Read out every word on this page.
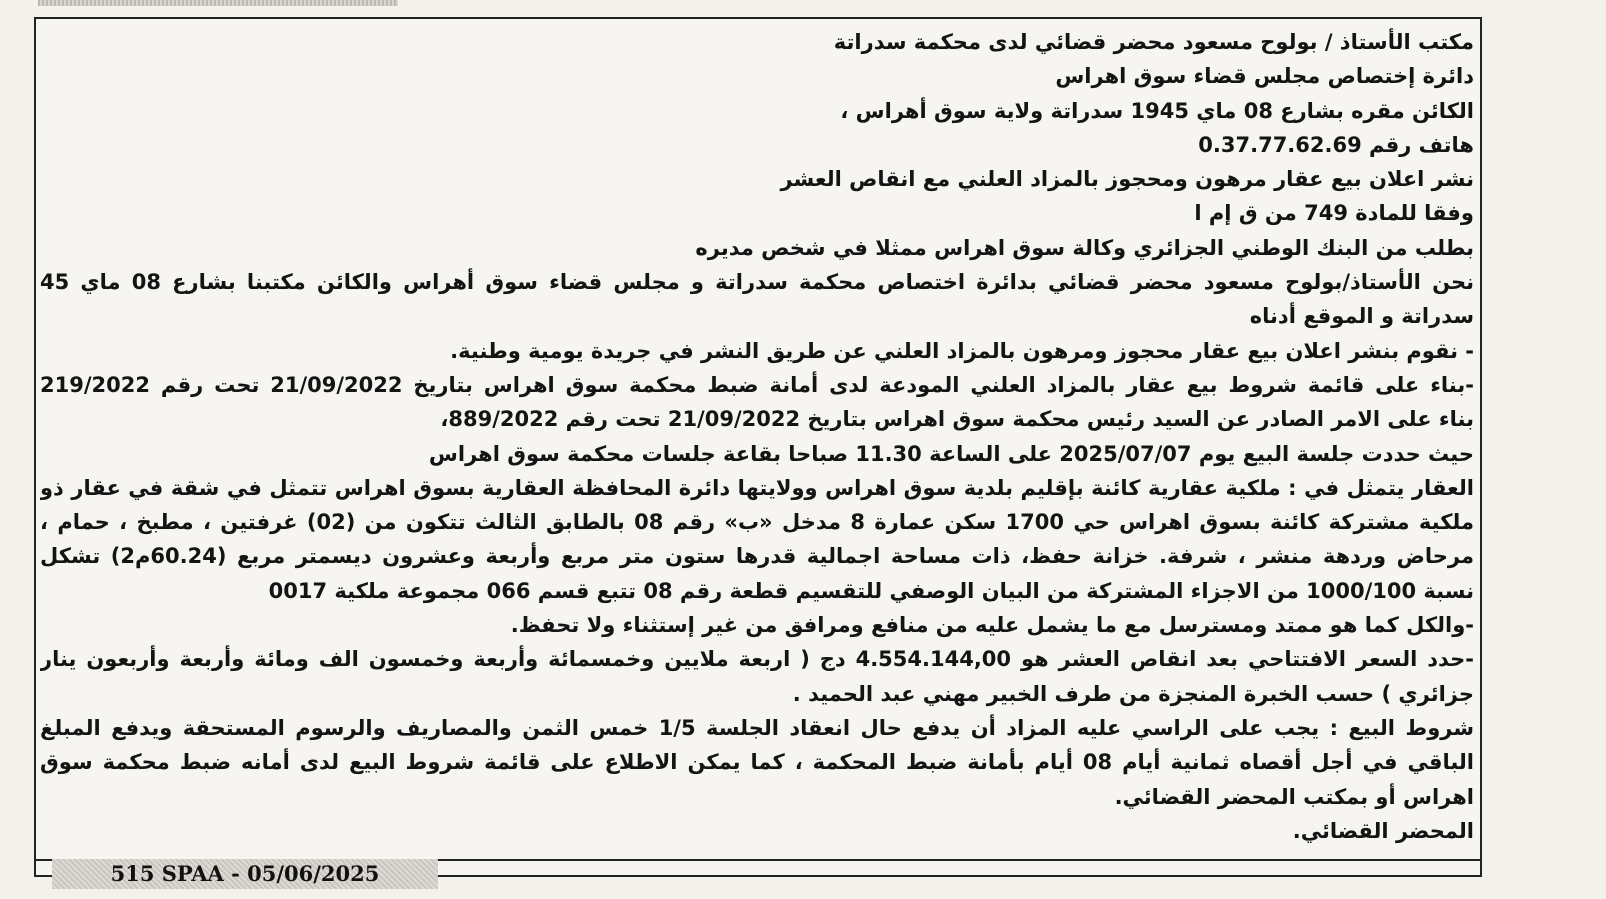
مكتب الأستاذ / بولوح مسعود محضر قضائي لدى محكمة سدراتة
دائرة إختصاص مجلس قضاء سوق اهراس
الكائن مقره بشارع 08 ماي 1945 سدراتة ولاية سوق أهراس ،
هاتف رقم 0.37.77.62.69
نشر اعلان بيع عقار مرهون ومحجوز بالمزاد العلني مع انقاص العشر
وفقا للمادة 749 من ق إم ا
بطلب من البنك الوطني الجزائري وكالة سوق اهراس ممثلا في شخص مديره
نحن الأستاذ/بولوح مسعود محضر قضائي بدائرة اختصاص محكمة سدراتة و مجلس قضاء سوق أهراس والكائن مكتبنا بشارع 08 ماي 45
سدراتة و الموقع أدناه
- نقوم بنشر اعلان بيع عقار محجوز ومرهون بالمزاد العلني عن طريق النشر في جريدة يومية وطنية.
-بناء على قائمة شروط بيع عقار بالمزاد العلني المودعة لدى أمانة ضبط محكمة سوق اهراس بتاريخ 21/09/2022 تحت رقم 219/2022
بناء على الامر الصادر عن السيد رئيس محكمة سوق اهراس بتاريخ 21/09/2022 تحت رقم 889/2022،
حيث حددت جلسة البيع يوم 2025/07/07 على الساعة 11.30 صباحا بقاعة جلسات محكمة سوق اهراس
العقار يتمثل في : ملكية عقارية كائنة بإقليم بلدية سوق اهراس وولايتها دائرة المحافظة العقارية بسوق اهراس تتمثل في شقة في عقار ذو
ملكية مشتركة كائنة بسوق اهراس حي 1700 سكن عمارة 8 مدخل «ب» رقم 08 بالطابق الثالث تتكون من (02) غرفتين ، مطبخ ، حمام ،
مرحاض وردهة منشر ، شرفة. خزانة حفظ، ذات مساحة اجمالية قدرها ستون متر مربع وأربعة وعشرون ديسمتر مربع (60.24م2) تشكل
نسبة 1000/100 من الاجزاء المشتركة من البيان الوصفي للتقسيم قطعة رقم 08 تتبع قسم 066 مجموعة ملكية 0017
-والكل كما هو ممتد ومسترسل مع ما يشمل عليه من منافع ومرافق من غير إستثناء ولا تحفظ.
-حدد السعر الافتتاحي بعد انقاص العشر هو 4.554.144,00 دج ( اربعة ملايين وخمسمائة وأربعة وخمسون الف ومائة وأربعة وأربعون ينار
جزائري ) حسب الخبرة المنجزة من طرف الخبير مهني عبد الحميد .
شروط البيع : يجب على الراسي عليه المزاد أن يدفع حال انعقاد الجلسة 1/5 خمس الثمن والمصاريف والرسوم المستحقة ويدفع المبلغ
الباقي في أجل أقصاه ثمانية أيام 08 أيام بأمانة ضبط المحكمة ، كما يمكن الاطلاع على قائمة شروط البيع لدى أمانه ضبط محكمة سوق
اهراس أو بمكتب المحضر القضائي.
المحضر القضائي.
515 SPAA - 05/06/2025
